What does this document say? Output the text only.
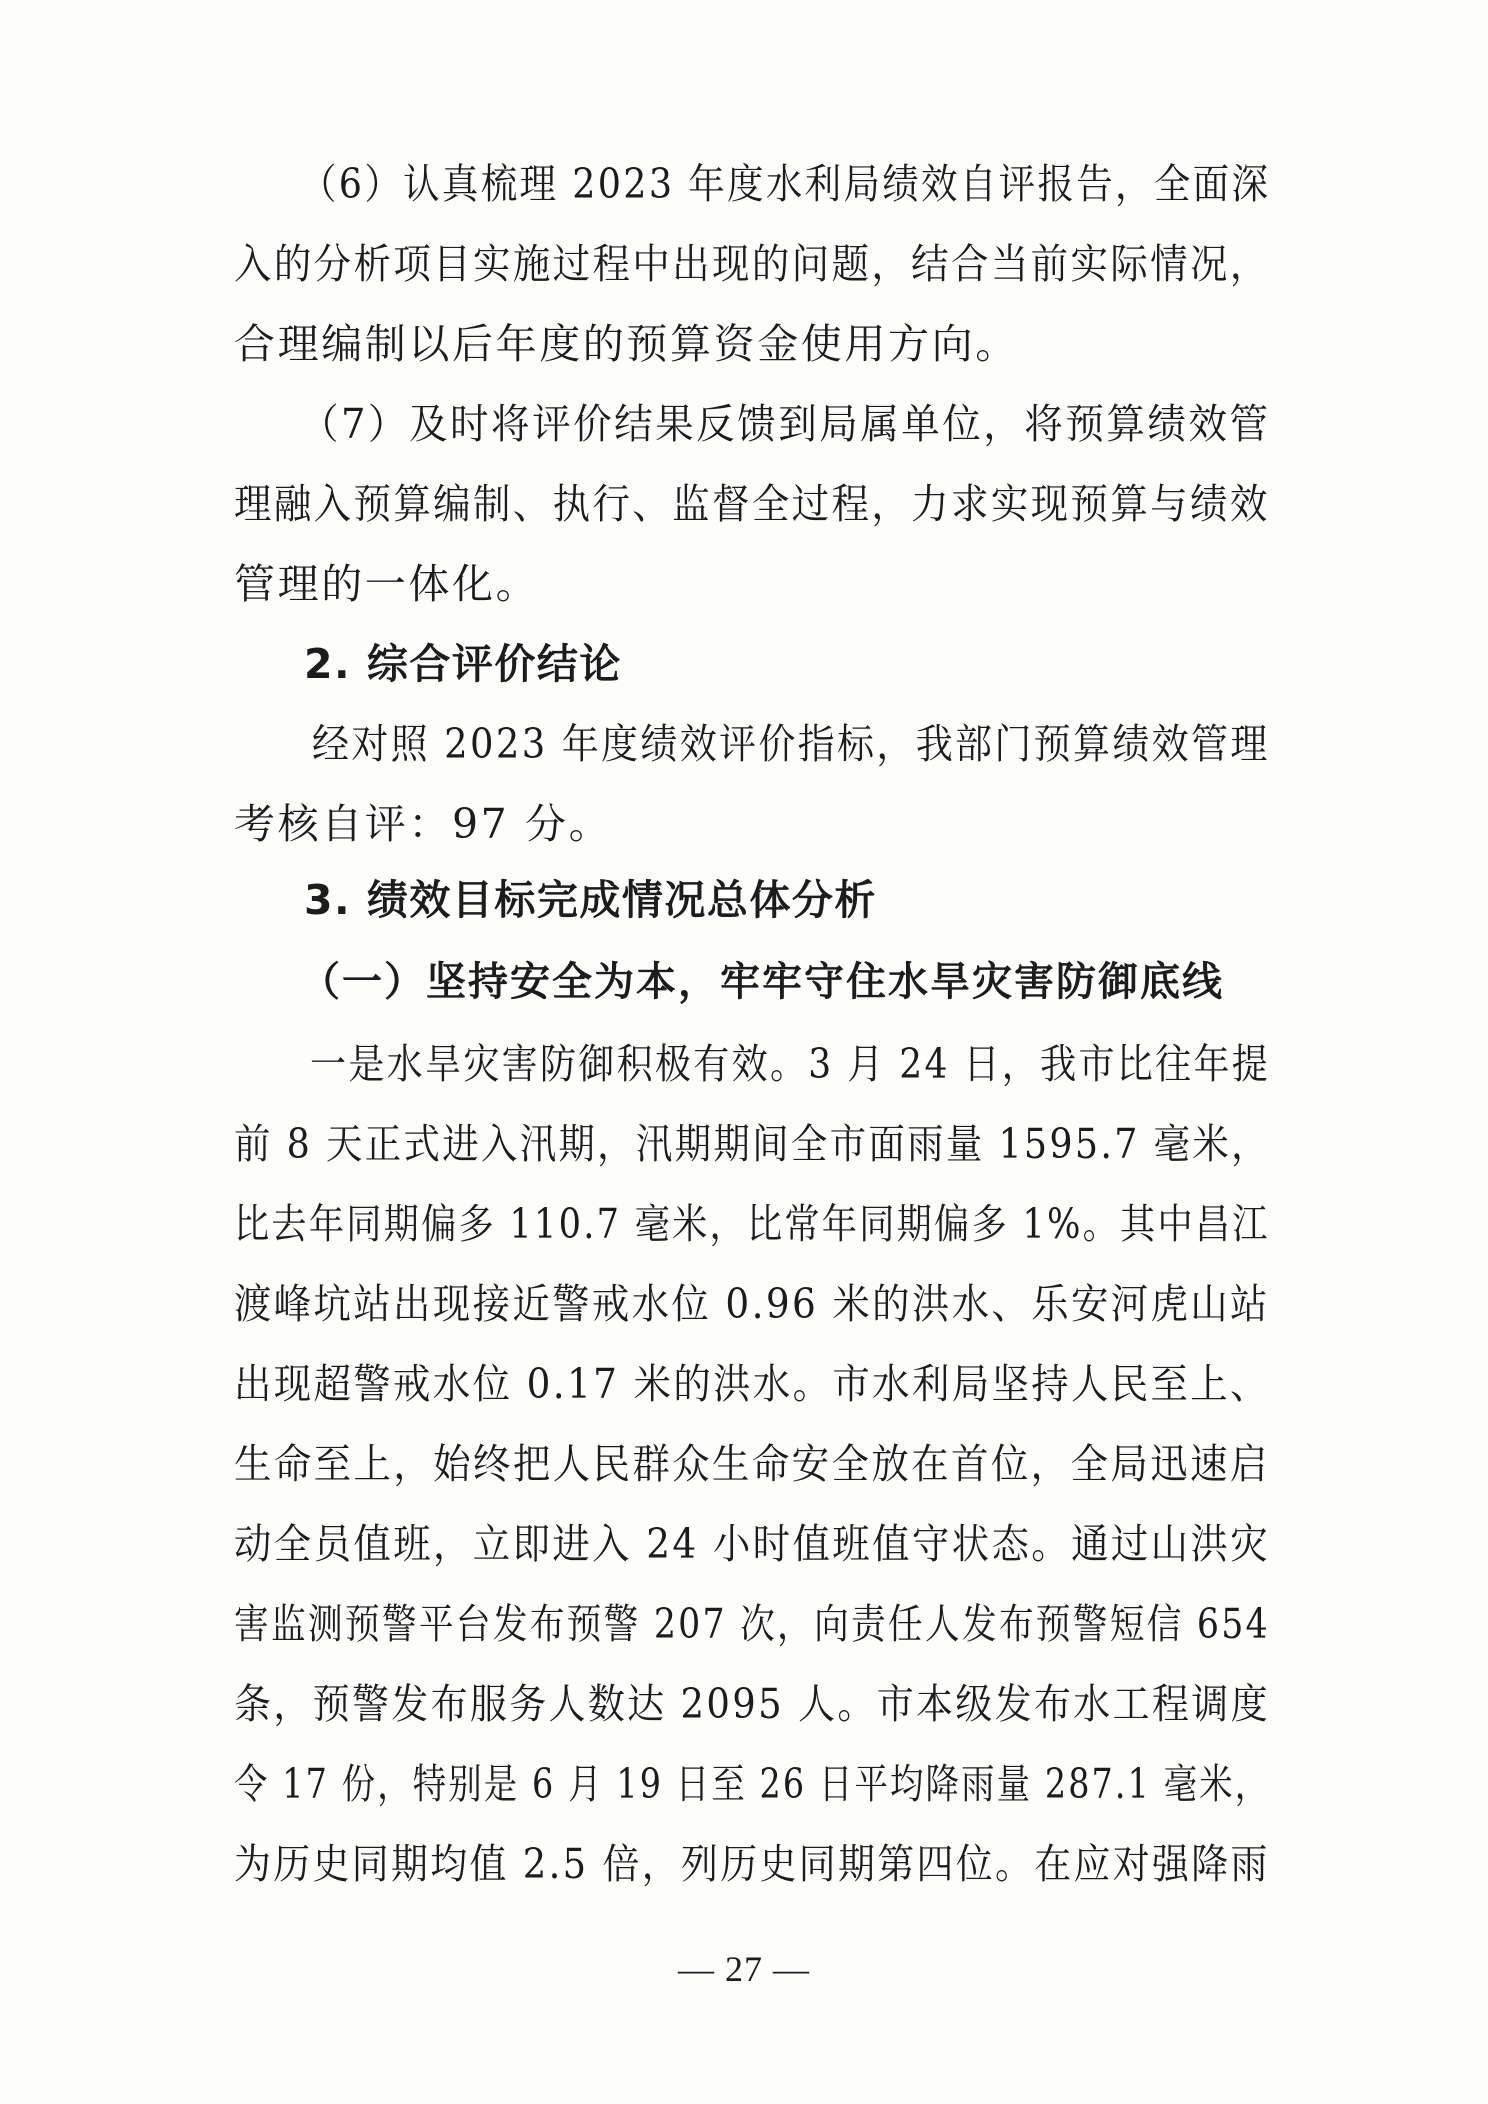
（6）认真梳理 2023 年度水利局绩效自评报告，全面深
入的分析项目实施过程中出现的问题，结合当前实际情况，
合理编制以后年度的预算资金使用方向。
（7）及时将评价结果反馈到局属单位，将预算绩效管
理融入预算编制、执行、监督全过程，力求实现预算与绩效
管理的一体化。
2. 综合评价结论
经对照 2023 年度绩效评价指标，我部门预算绩效管理
考核自评：97 分。
3. 绩效目标完成情况总体分析
（一）坚持安全为本，牢牢守住水旱灾害防御底线
一是水旱灾害防御积极有效。3 月 24 日，我市比往年提
前 8 天正式进入汛期，汛期期间全市面雨量 1595.7 毫米，
比去年同期偏多 110.7 毫米，比常年同期偏多 1%。其中昌江
渡峰坑站出现接近警戒水位 0.96 米的洪水、乐安河虎山站
出现超警戒水位 0.17 米的洪水。市水利局坚持人民至上、
生命至上，始终把人民群众生命安全放在首位，全局迅速启
动全员值班，立即进入 24 小时值班值守状态。通过山洪灾
害监测预警平台发布预警 207 次，向责任人发布预警短信 654
条，预警发布服务人数达 2095 人。市本级发布水工程调度
令 17 份，特别是 6 月 19 日至 26 日平均降雨量 287.1 毫米，
为历史同期均值 2.5 倍，列历史同期第四位。在应对强降雨
— 27 —
